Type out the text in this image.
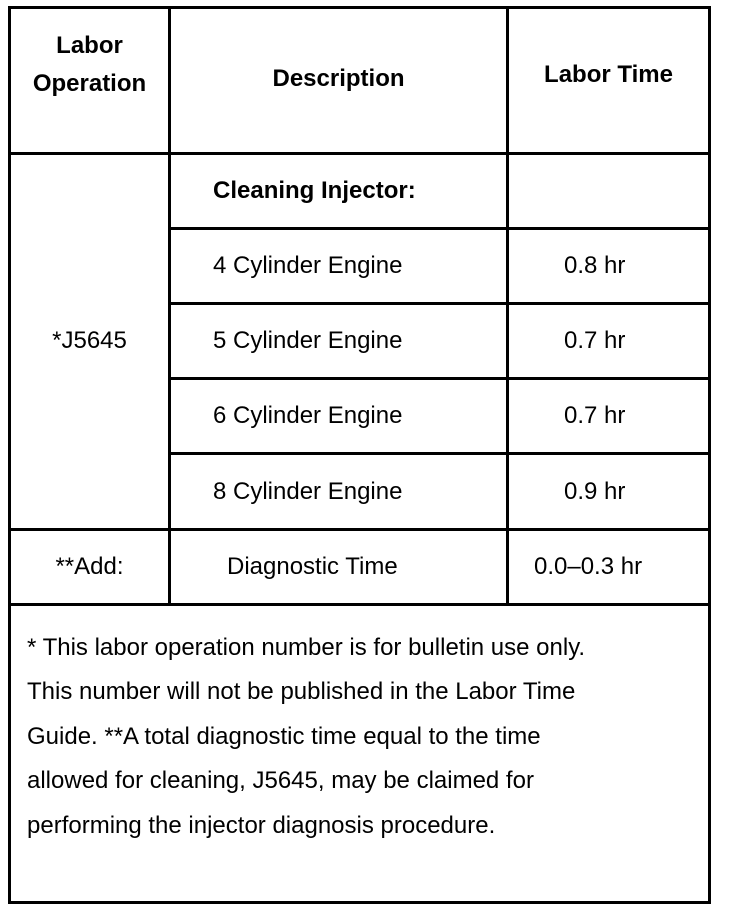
Labor
Operation	Description	Labor Time
*J5645	Cleaning Injector:	
	4 Cylinder Engine	0.8 hr
	5 Cylinder Engine	0.7 hr
	6 Cylinder Engine	0.7 hr
	8 Cylinder Engine	0.9 hr
**Add:	Diagnostic Time	0.0–0.3 hr

* This labor operation number is for bulletin use only. This number will not be published in the Labor Time Guide. **A total diagnostic time equal to the time allowed for cleaning, J5645, may be claimed for performing the injector diagnosis procedure.		
